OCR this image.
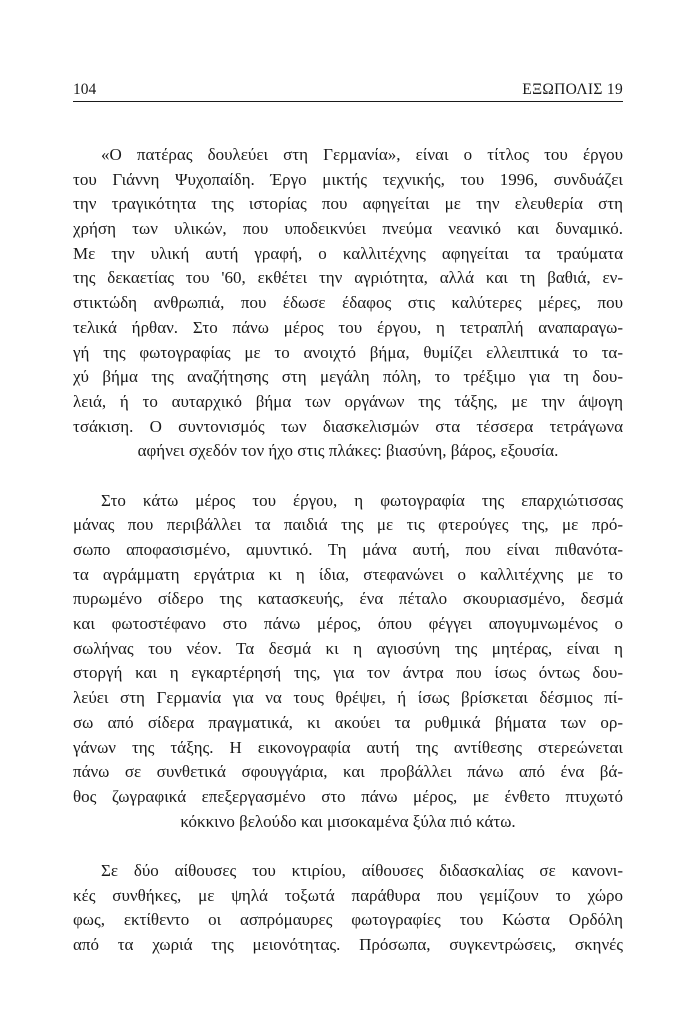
104	ΕΞΩΠΟΛΙΣ 19
«Ο πατέρας δουλεύει στη Γερμανία», είναι ο τίτλος του έργου
του Γιάννη Ψυχοπαίδη. Έργο μικτής τεχνικής, του 1996, συνδυάζει
την τραγικότητα της ιστορίας που αφηγείται με την ελευθερία στη
χρήση των υλικών, που υποδεικνύει πνεύμα νεανικό και δυναμικό.
Με την υλική αυτή γραφή, ο καλλιτέχνης αφηγείται τα τραύματα
της δεκαετίας του '60, εκθέτει την αγριότητα, αλλά και τη βαθιά, εν-
στικτώδη ανθρωπιά, που έδωσε έδαφος στις καλύτερες μέρες, που
τελικά ήρθαν. Στο πάνω μέρος του έργου, η τετραπλή αναπαραγω-
γή της φωτογραφίας με το ανοιχτό βήμα, θυμίζει ελλειπτικά το τα-
χύ βήμα της αναζήτησης στη μεγάλη πόλη, το τρέξιμο για τη δου-
λειά, ή το αυταρχικό βήμα των οργάνων της τάξης, με την άψογη
τσάκιση. Ο συντονισμός των διασκελισμών στα τέσσερα τετράγωνα
αφήνει σχεδόν τον ήχο στις πλάκες: βιασύνη, βάρος, εξουσία.
Στο κάτω μέρος του έργου, η φωτογραφία της επαρχιώτισσας
μάνας που περιβάλλει τα παιδιά της με τις φτερούγες της, με πρό-
σωπο αποφασισμένο, αμυντικό. Τη μάνα αυτή, που είναι πιθανότα-
τα αγράμματη εργάτρια κι η ίδια, στεφανώνει ο καλλιτέχνης με το
πυρωμένο σίδερο της κατασκευής, ένα πέταλο σκουριασμένο, δεσμά
και φωτοστέφανο στο πάνω μέρος, όπου φέγγει απογυμνωμένος ο
σωλήνας του νέον. Τα δεσμά κι η αγιοσύνη της μητέρας, είναι η
στοργή και η εγκαρτέρησή της, για τον άντρα που ίσως όντως δου-
λεύει στη Γερμανία για να τους θρέψει, ή ίσως βρίσκεται δέσμιος πί-
σω από σίδερα πραγματικά, κι ακούει τα ρυθμικά βήματα των ορ-
γάνων της τάξης. Η εικονογραφία αυτή της αντίθεσης στερεώνεται
πάνω σε συνθετικά σφουγγάρια, και προβάλλει πάνω από ένα βά-
θος ζωγραφικά επεξεργασμένο στο πάνω μέρος, με ένθετο πτυχωτό
κόκκινο βελούδο και μισοκαμένα ξύλα πιό κάτω.
Σε δύο αίθουσες του κτιρίου, αίθουσες διδασκαλίας σε κανονι-
κές συνθήκες, με ψηλά τοξωτά παράθυρα που γεμίζουν το χώρο
φως, εκτίθεντο οι ασπρόμαυρες φωτογραφίες του Κώστα Ορδόλη
από τα χωριά της μειονότητας. Πρόσωπα, συγκεντρώσεις, σκηνές
